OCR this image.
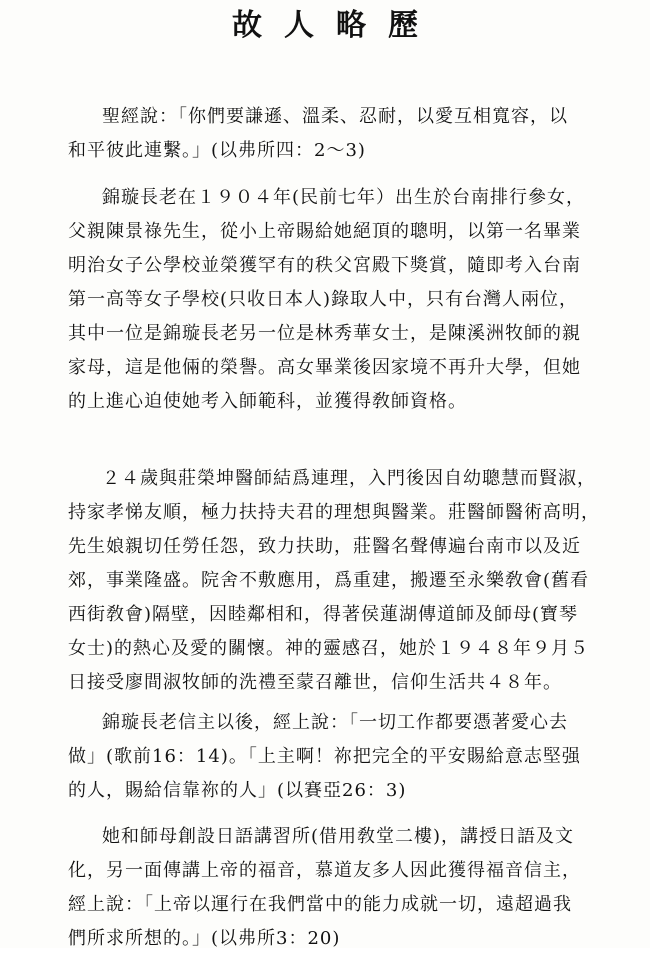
故人略歷
聖經說：「你們要謙遜、溫柔、忍耐，以愛互相寬容，以
和平彼此連繫。」(以弗所四：2～3)
錦璇長老在１９０４年(民前七年）出生於台南排行參女，
父親陳景祿先生，從小上帝賜給她絕頂的聰明，以第一名畢業
明治女子公學校並榮獲罕有的秩父宮殿下獎賞，隨即考入台南
第一高等女子學校(只收日本人)錄取人中，只有台灣人兩位，
其中一位是錦璇長老另一位是林秀華女士，是陳溪洲牧師的親
家母，這是他倆的榮譽。高女畢業後因家境不再升大學，但她
的上進心迫使她考入師範科，並獲得敎師資格。
２４歲與莊榮坤醫師結爲連理，入門後因自幼聰慧而賢淑，
持家孝悌友順，極力扶持夫君的理想與醫業。莊醫師醫術高明，
先生娘親切任勞任怨，致力扶助，莊醫名聲傳遍台南市以及近
郊，事業隆盛。院舍不敷應用，爲重建，搬遷至永樂敎會(舊看
西街敎會)隔壁，因睦鄰相和，得著侯蓮湖傳道師及師母(寶琴
女士)的熱心及愛的關懷。神的靈感召，她於１９４８年９月５
日接受廖間淑牧師的洗禮至蒙召離世，信仰生活共４８年。
錦璇長老信主以後，經上說：「一切工作都要憑著愛心去
做」(歌前16：14)。「上主啊！祢把完全的平安賜給意志堅强
的人，賜給信靠祢的人」(以賽亞26：3)
她和師母創設日語講習所(借用敎堂二樓)，講授日語及文
化，另一面傳講上帝的福音，慕道友多人因此獲得福音信主，
經上說：「上帝以運行在我們當中的能力成就一切，遠超過我
們所求所想的。」(以弗所3：20)
